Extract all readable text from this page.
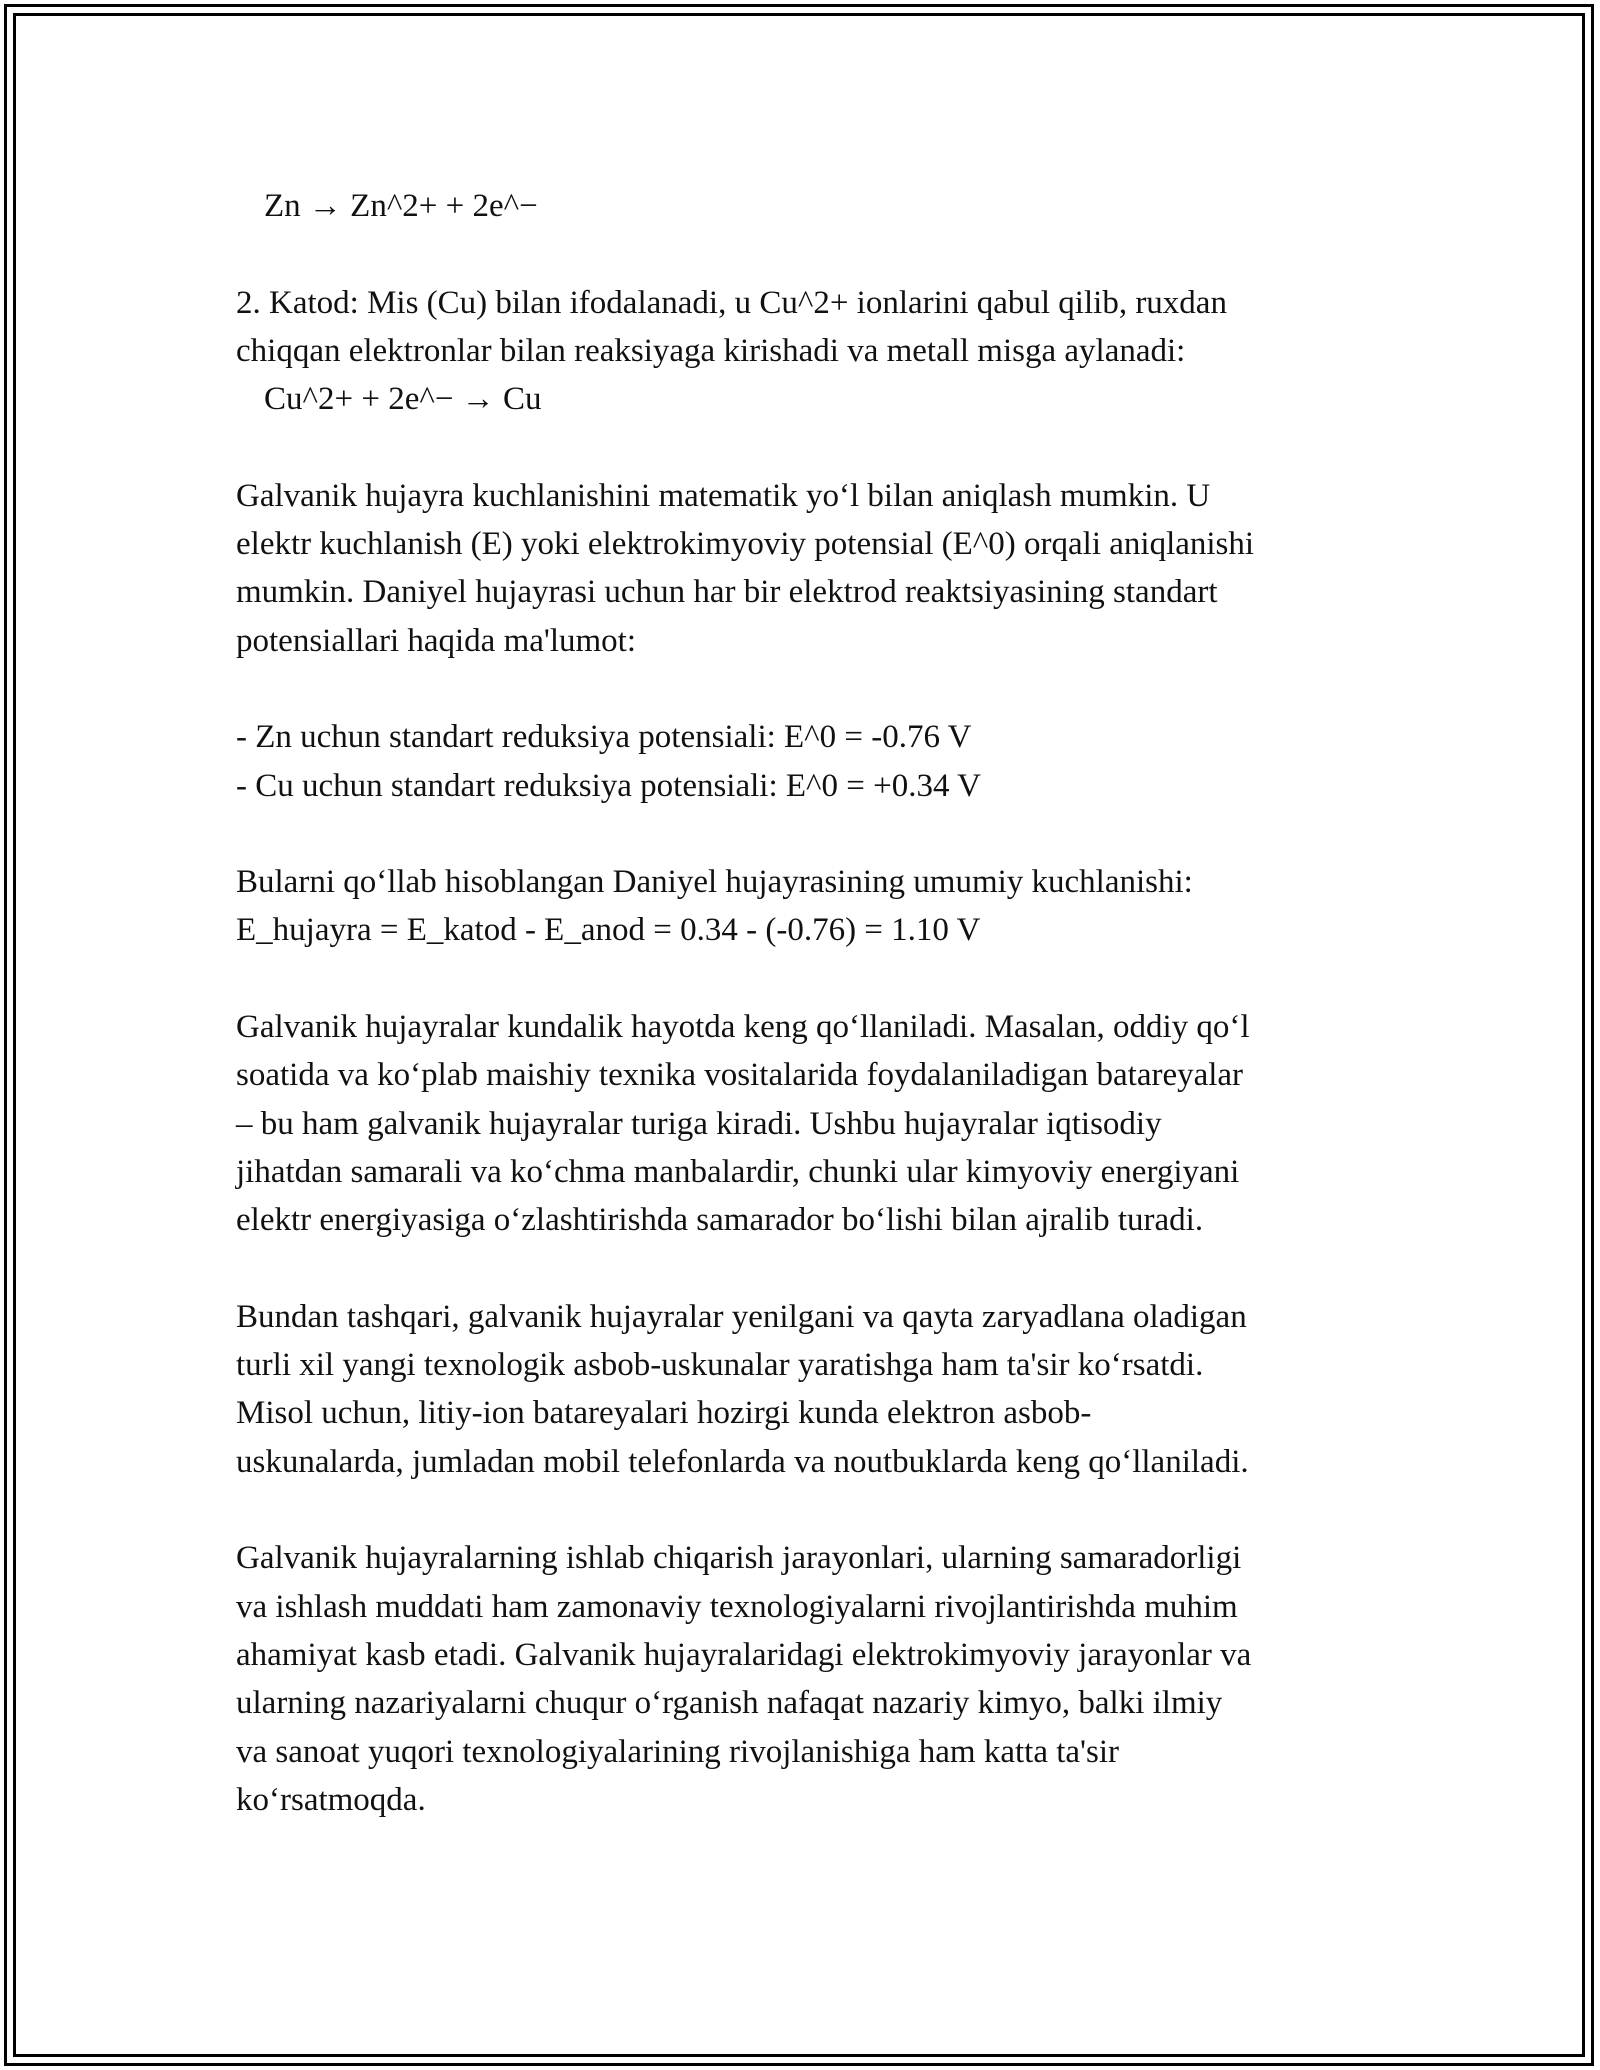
Zn → Zn^2+ + 2e^−
2. Katod: Mis (Cu) bilan ifodalanadi, u Cu^2+ ionlarini qabul qilib, ruxdan
chiqqan elektronlar bilan reaksiyaga kirishadi va metall misga aylanadi:
Cu^2+ + 2e^− → Cu
Galvanik hujayra kuchlanishini matematik yo‘l bilan aniqlash mumkin. U
elektr kuchlanish (E) yoki elektrokimyoviy potensial (E^0) orqali aniqlanishi
mumkin. Daniyel hujayrasi uchun har bir elektrod reaktsiyasining standart
potensiallari haqida ma'lumot:
- Zn uchun standart reduksiya potensiali: E^0 = -0.76 V
- Cu uchun standart reduksiya potensiali: E^0 = +0.34 V
Bularni qo‘llab hisoblangan Daniyel hujayrasining umumiy kuchlanishi:
E_hujayra = E_katod - E_anod = 0.34 - (-0.76) = 1.10 V
Galvanik hujayralar kundalik hayotda keng qo‘llaniladi. Masalan, oddiy qo‘l
soatida va ko‘plab maishiy texnika vositalarida foydalaniladigan batareyalar
– bu ham galvanik hujayralar turiga kiradi. Ushbu hujayralar iqtisodiy
jihatdan samarali va ko‘chma manbalardir, chunki ular kimyoviy energiyani
elektr energiyasiga o‘zlashtirishda samarador bo‘lishi bilan ajralib turadi.
Bundan tashqari, galvanik hujayralar yenilgani va qayta zaryadlana oladigan
turli xil yangi texnologik asbob-uskunalar yaratishga ham ta'sir ko‘rsatdi.
Misol uchun, litiy-ion batareyalari hozirgi kunda elektron asbob-
uskunalarda, jumladan mobil telefonlarda va noutbuklarda keng qo‘llaniladi.
Galvanik hujayralarning ishlab chiqarish jarayonlari, ularning samaradorligi
va ishlash muddati ham zamonaviy texnologiyalarni rivojlantirishda muhim
ahamiyat kasb etadi. Galvanik hujayralaridagi elektrokimyoviy jarayonlar va
ularning nazariyalarni chuqur o‘rganish nafaqat nazariy kimyo, balki ilmiy
va sanoat yuqori texnologiyalarining rivojlanishiga ham katta ta'sir
ko‘rsatmoqda.
